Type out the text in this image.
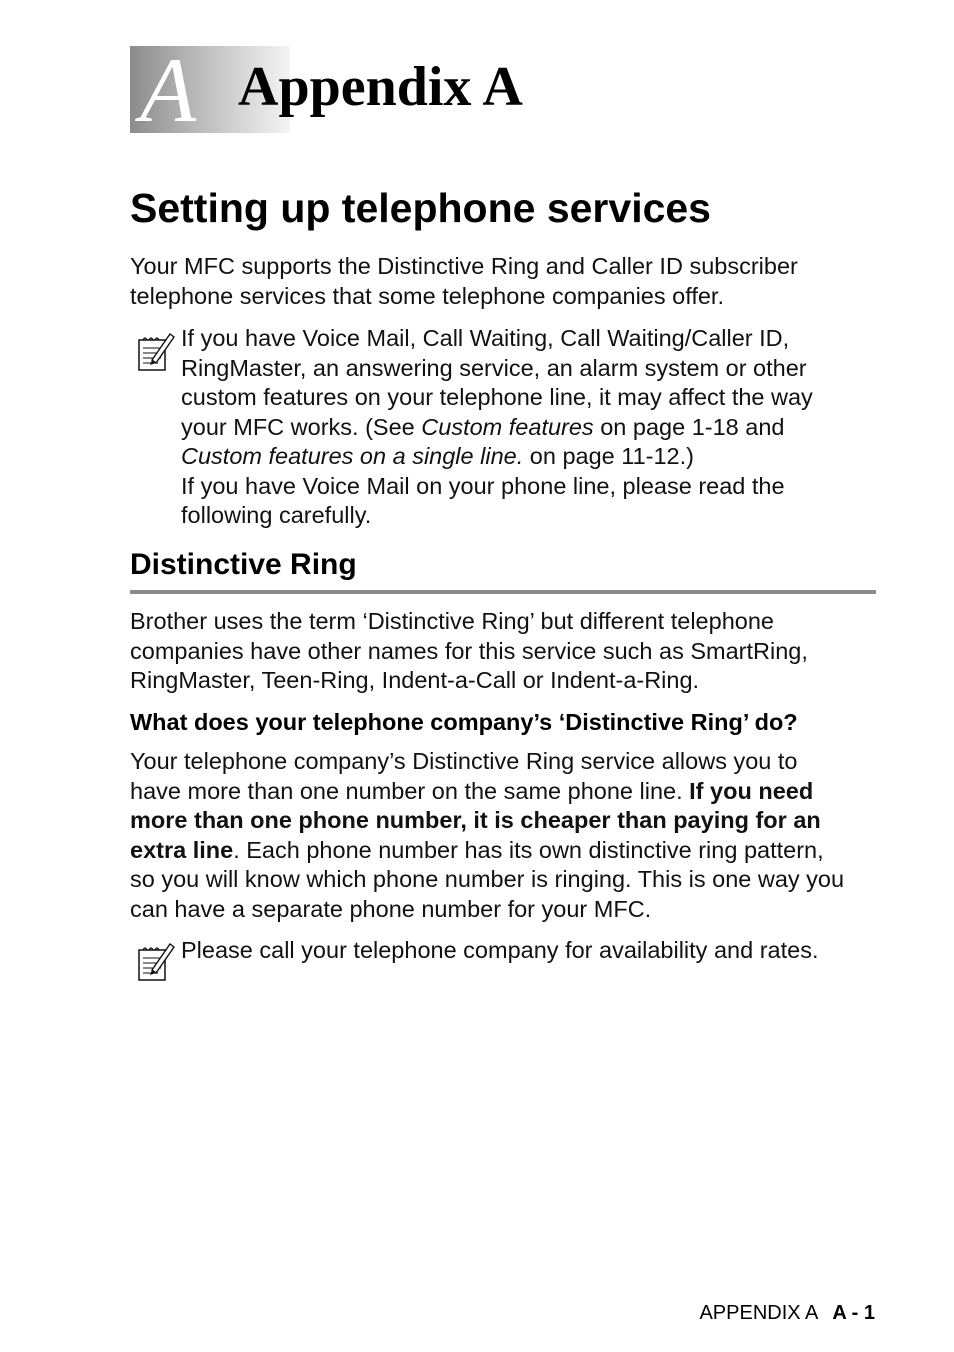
A Appendix A
Setting up telephone services
Your MFC supports the Distinctive Ring and Caller ID subscriber
telephone services that some telephone companies offer.
If you have Voice Mail, Call Waiting, Call Waiting/Caller ID,
RingMaster, an answering service, an alarm system or other
custom features on your telephone line, it may affect the way
your MFC works. (See Custom features on page 1-18 and
Custom features on a single line. on page 11-12.)
If you have Voice Mail on your phone line, please read the
following carefully.
Distinctive Ring
Brother uses the term ‘Distinctive Ring’ but different telephone
companies have other names for this service such as SmartRing,
RingMaster, Teen-Ring, Indent-a-Call or Indent-a-Ring.
What does your telephone company’s ‘Distinctive Ring’ do?
Your telephone company’s Distinctive Ring service allows you to
have more than one number on the same phone line. If you need
more than one phone number, it is cheaper than paying for an
extra line. Each phone number has its own distinctive ring pattern,
so you will know which phone number is ringing. This is one way you
can have a separate phone number for your MFC.
Please call your telephone company for availability and rates.
APPENDIX A A - 1
